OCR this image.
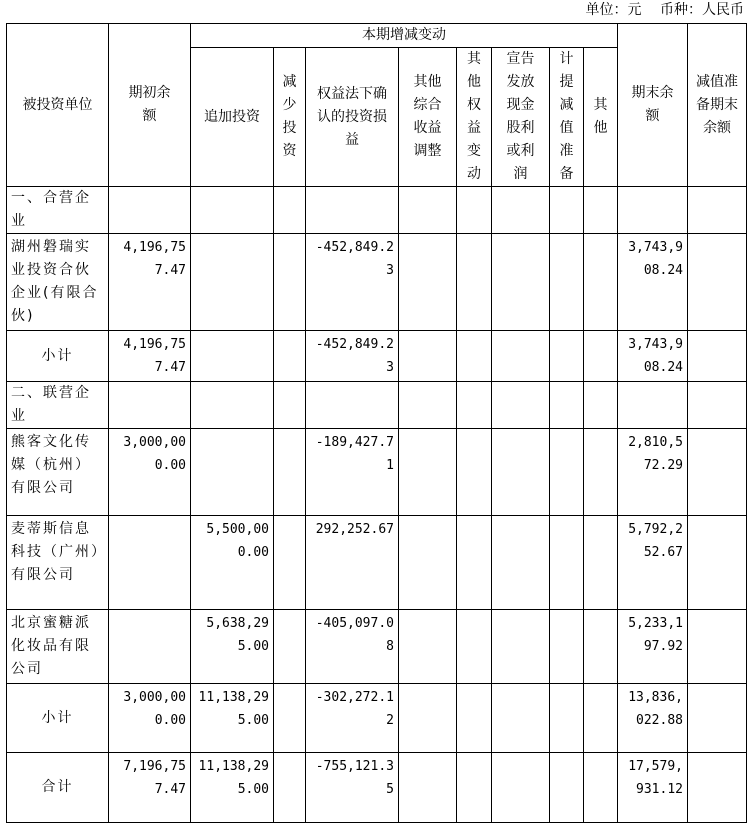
单位：元 币种：人民币
被投资单位	期初余额	本期增减变动								期末余额	减值准备期末余额

		追加投资	减少投资	权益法下确认的投资损益	其他综合收益调整	其他权益变动	宣告发放现金股利或利润	计提减值准备	其他		
一、合营企业											
湖州磐瑞实业投资合伙企业(有限合伙)	4,196,757.47			-452,849.23						3,743,908.24	
小计	4,196,757.47			-452,849.23						3,743,908.24	
二、联营企业											
熊客文化传媒（杭州）有限公司	3,000,000.00			-189,427.71						2,810,572.29	
麦蒂斯信息科技（广州）有限公司		5,500,000.00		292,252.67						5,792,252.67	
北京蜜糖派化妆品有限公司		5,638,295.00		-405,097.08						5,233,197.92	
小计	3,000,000.00	11,138,295.00		-302,272.12						13,836,022.88	
合计	7,196,757.47	11,138,295.00		-755,121.35						17,579,931.12	
